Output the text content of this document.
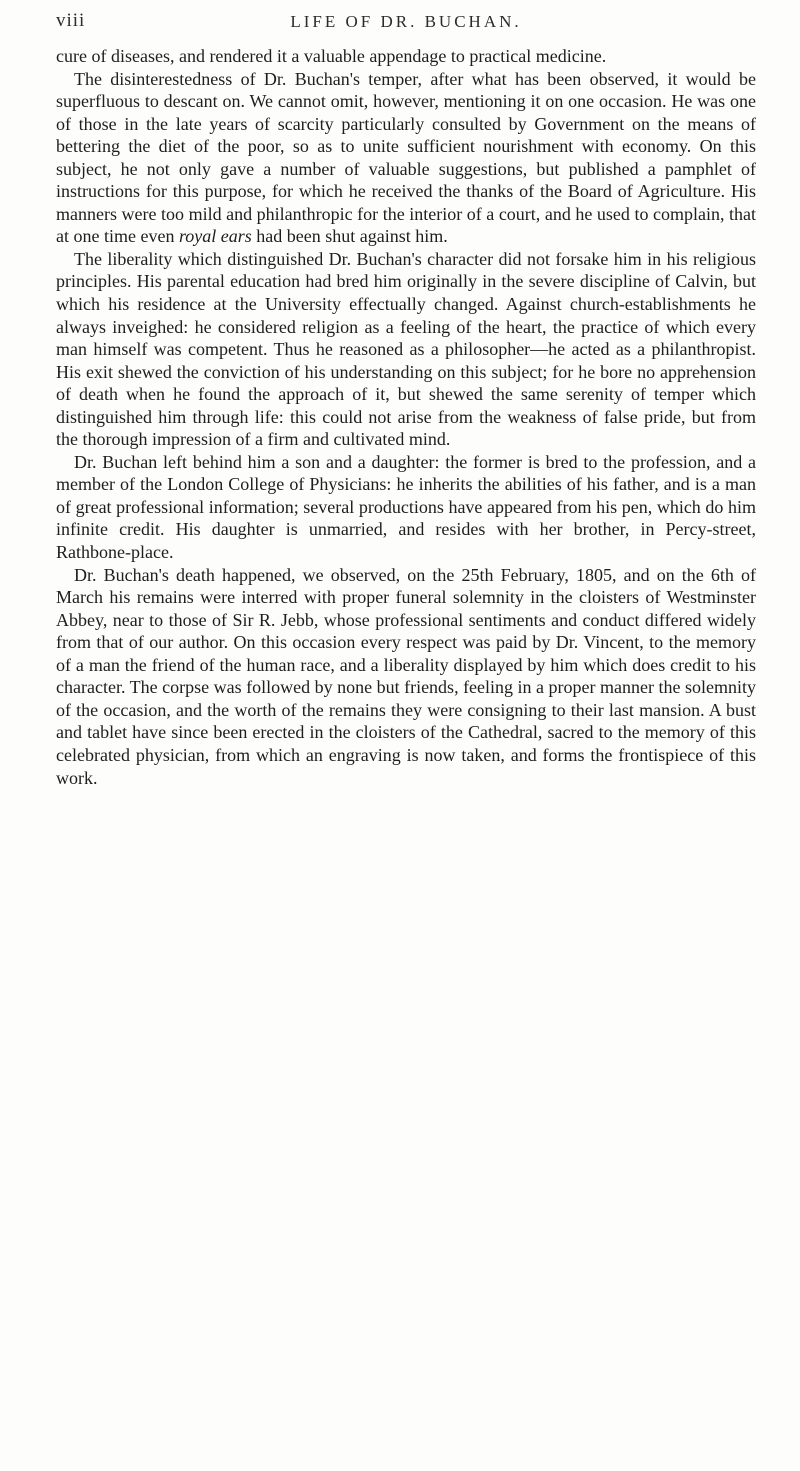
viii	LIFE OF DR. BUCHAN.

cure of diseases, and rendered it a valuable appendage to practical medicine.

The disinterestedness of Dr. Buchan's temper, after what has been observed, it would be superfluous to descant on. We cannot omit, however, mentioning it on one occasion. He was one of those in the late years of scarcity particularly consulted by Government on the means of bettering the diet of the poor, so as to unite sufficient nourishment with economy. On this subject, he not only gave a number of valuable suggestions, but published a pamphlet of instructions for this purpose, for which he received the thanks of the Board of Agriculture. His manners were too mild and philanthropic for the interior of a court, and he used to complain, that at one time even royal ears had been shut against him.

The liberality which distinguished Dr. Buchan's character did not forsake him in his religious principles. His parental education had bred him originally in the severe discipline of Calvin, but which his residence at the University effectually changed. Against church-establishments he always inveighed: he considered religion as a feeling of the heart, the practice of which every man himself was competent. Thus he reasoned as a philosopher—he acted as a philanthropist. His exit shewed the conviction of his understanding on this subject; for he bore no apprehension of death when he found the approach of it, but shewed the same serenity of temper which distinguished him through life: this could not arise from the weakness of false pride, but from the thorough impression of a firm and cultivated mind.

Dr. Buchan left behind him a son and a daughter: the former is bred to the profession, and a member of the London College of Physicians: he inherits the abilities of his father, and is a man of great professional information; several productions have appeared from his pen, which do him infinite credit. His daughter is unmarried, and resides with her brother, in Percy-street, Rathbone-place.

Dr. Buchan's death happened, we observed, on the 25th February, 1805, and on the 6th of March his remains were interred with proper funeral solemnity in the cloisters of Westminster Abbey, near to those of Sir R. Jebb, whose professional sentiments and conduct differed widely from that of our author. On this occasion every respect was paid by Dr. Vincent, to the memory of a man the friend of the human race, and a liberality displayed by him which does credit to his character. The corpse was followed by none but friends, feeling in a proper manner the solemnity of the occasion, and the worth of the remains they were consigning to their last mansion. A bust and tablet have since been erected in the cloisters of the Cathedral, sacred to the memory of this celebrated physician, from which an engraving is now taken, and forms the frontispiece of this work.
